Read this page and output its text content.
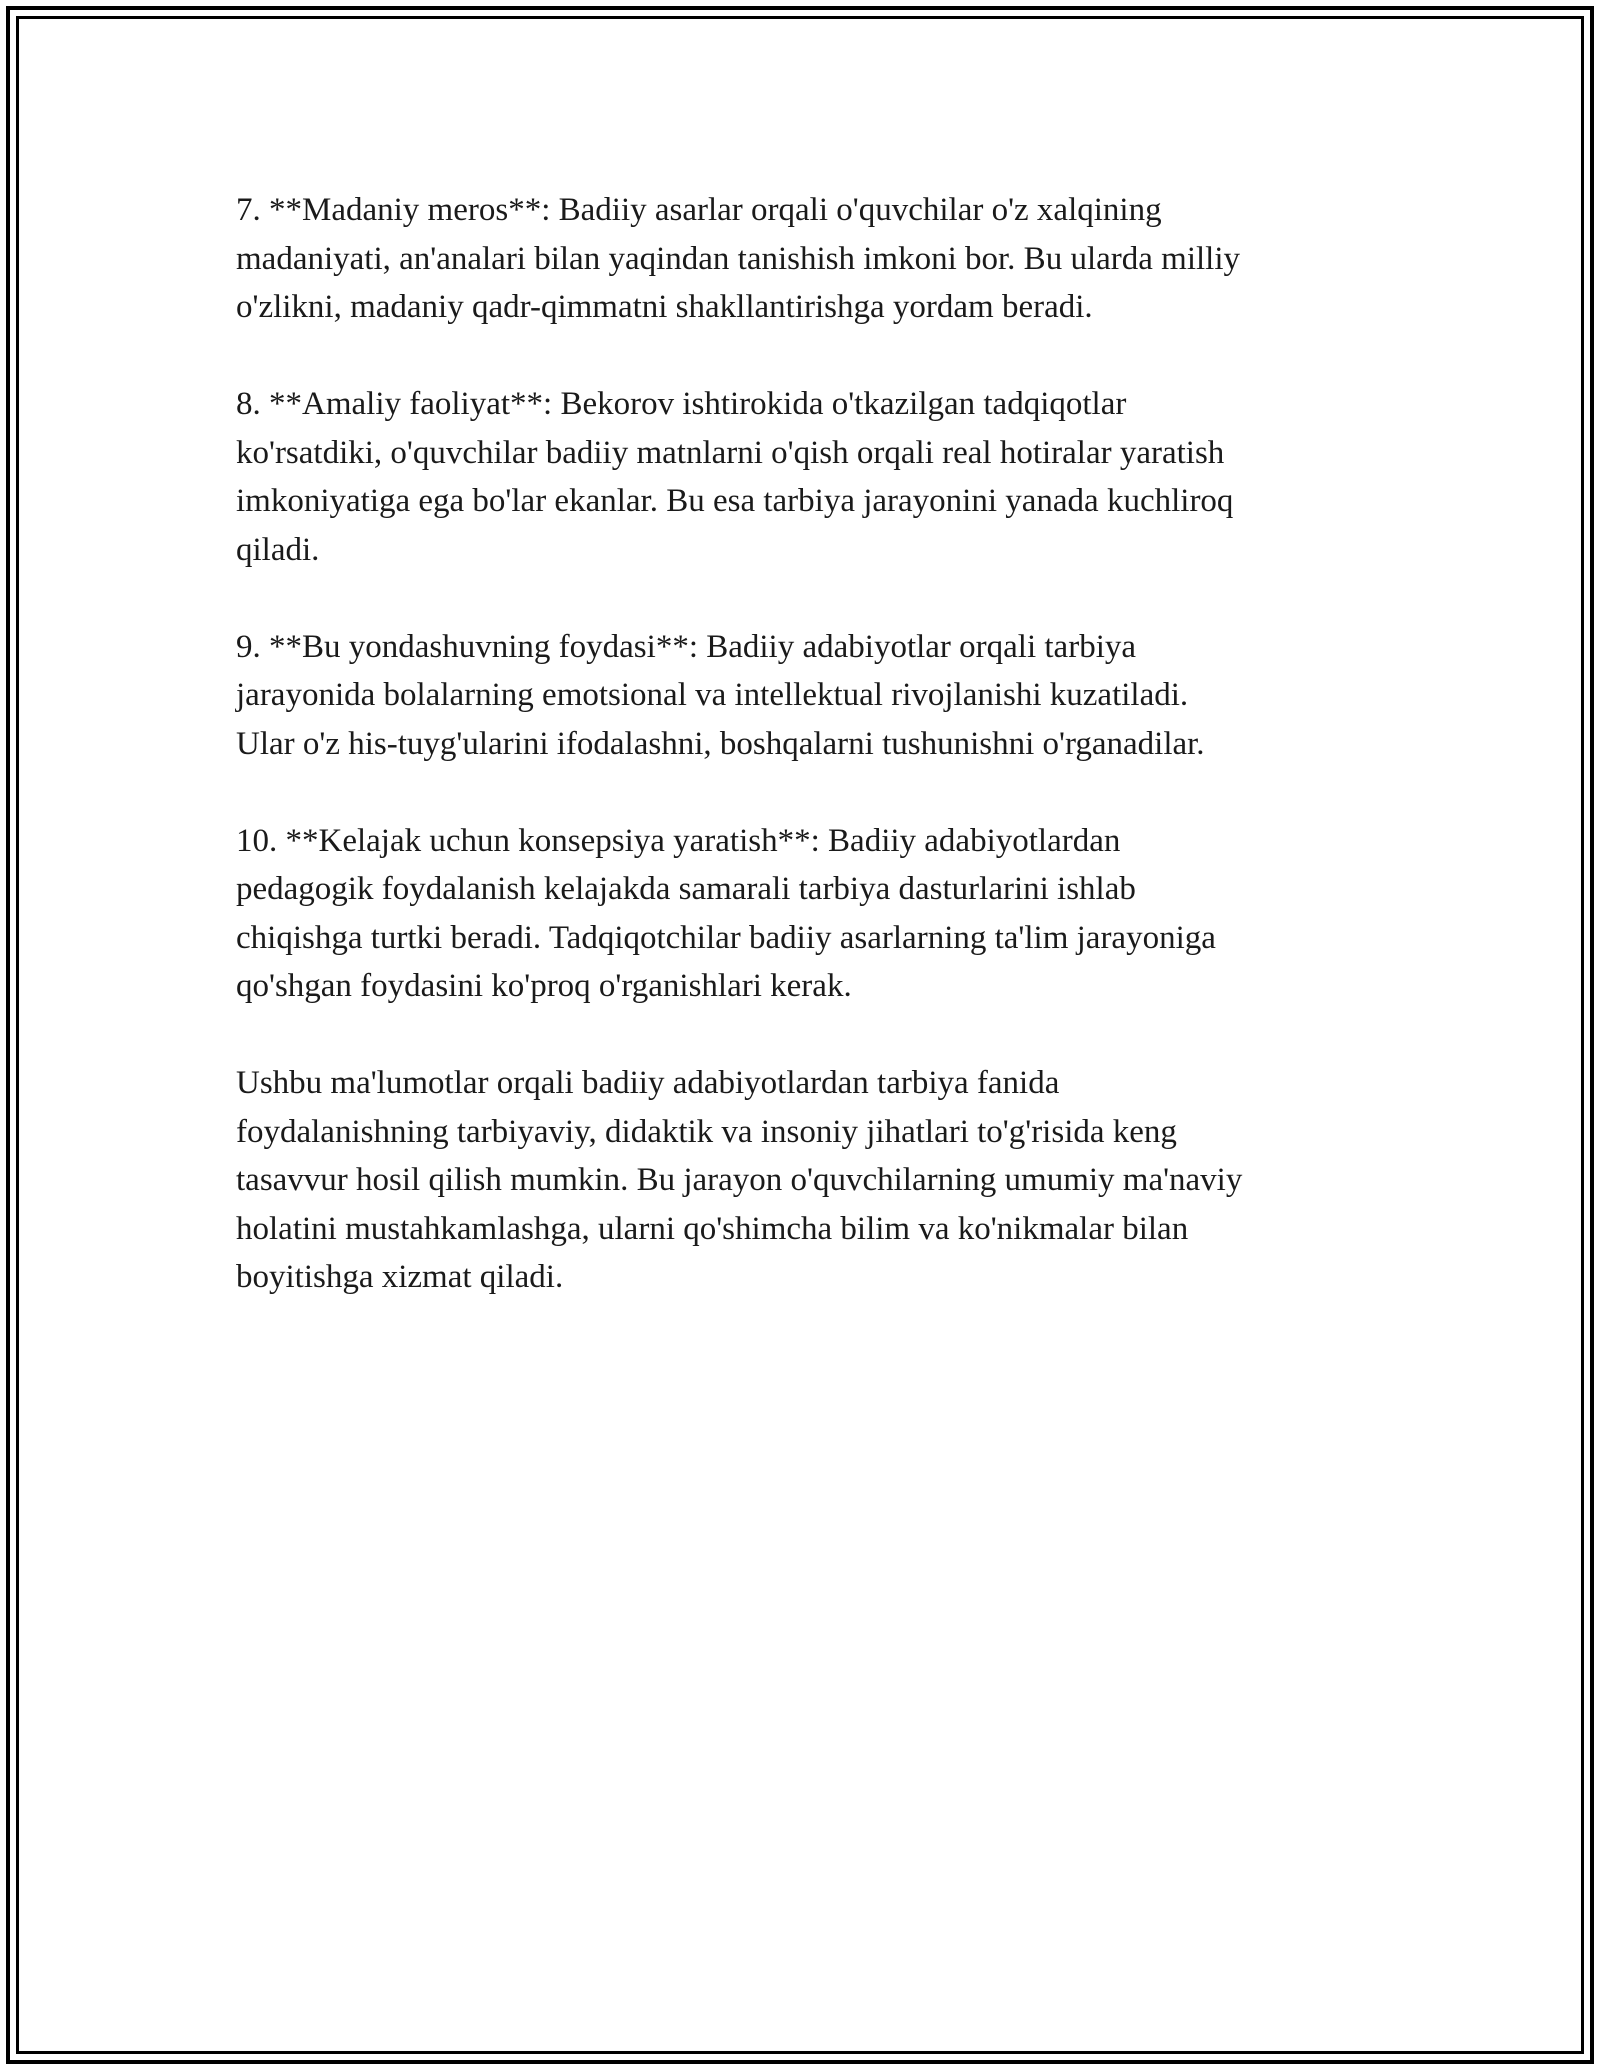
7. **Madaniy meros**: Badiiy asarlar orqali o'quvchilar o'z xalqining
madaniyati, an'analari bilan yaqindan tanishish imkoni bor. Bu ularda milliy
o'zlikni, madaniy qadr-qimmatni shakllantirishga yordam beradi.

8. **Amaliy faoliyat**: Bekorov ishtirokida o'tkazilgan tadqiqotlar
ko'rsatdiki, o'quvchilar badiiy matnlarni o'qish orqali real hotiralar yaratish
imkoniyatiga ega bo'lar ekanlar. Bu esa tarbiya jarayonini yanada kuchliroq
qiladi.

9. **Bu yondashuvning foydasi**: Badiiy adabiyotlar orqali tarbiya
jarayonida bolalarning emotsional va intellektual rivojlanishi kuzatiladi.
Ular o'z his-tuyg'ularini ifodalashni, boshqalarni tushunishni o'rganadilar.

10. **Kelajak uchun konsepsiya yaratish**: Badiiy adabiyotlardan
pedagogik foydalanish kelajakda samarali tarbiya dasturlarini ishlab
chiqishga turtki beradi. Tadqiqotchilar badiiy asarlarning ta'lim jarayoniga
qo'shgan foydasini ko'proq o'rganishlari kerak.

Ushbu ma'lumotlar orqali badiiy adabiyotlardan tarbiya fanida
foydalanishning tarbiyaviy, didaktik va insoniy jihatlari to'g'risida keng
tasavvur hosil qilish mumkin. Bu jarayon o'quvchilarning umumiy ma'naviy
holatini mustahkamlashga, ularni qo'shimcha bilim va ko'nikmalar bilan
boyitishga xizmat qiladi.
